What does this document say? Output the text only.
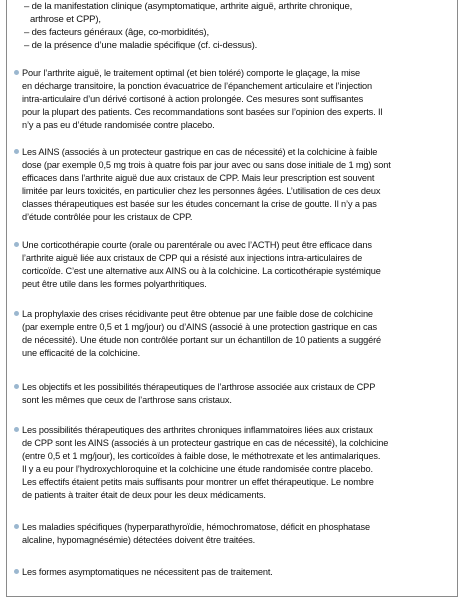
– de la manifestation clinique (asymptomatique, arthrite aiguë, arthrite chronique,
arthrose et CPP),
– des facteurs généraux (âge, co-morbidités),
– de la présence d’une maladie spécifique (cf. ci-dessus).
Pour l’arthrite aiguë, le traitement optimal (et bien toléré) comporte le glaçage, la mise
en décharge transitoire, la ponction évacuatrice de l’épanchement articulaire et l’injection
intra-articulaire d’un dérivé cortisoné à action prolongée. Ces mesures sont suffisantes
pour la plupart des patients. Ces recommandations sont basées sur l’opinion des experts. Il
n’y a pas eu d’étude randomisée contre placebo.
Les AINS (associés à un protecteur gastrique en cas de nécessité) et la colchicine à faible
dose (par exemple 0,5 mg trois à quatre fois par jour avec ou sans dose initiale de 1 mg) sont
efficaces dans l’arthrite aiguë due aux cristaux de CPP. Mais leur prescription est souvent
limitée par leurs toxicités, en particulier chez les personnes âgées. L’utilisation de ces deux
classes thérapeutiques est basée sur les études concernant la crise de goutte. Il n’y a pas
d’étude contrôlée pour les cristaux de CPP.
Une corticothérapie courte (orale ou parentérale ou avec l’ACTH) peut être efficace dans
l’arthrite aiguë liée aux cristaux de CPP qui a résisté aux injections intra-articulaires de
corticoïde. C’est une alternative aux AINS ou à la colchicine. La corticothérapie systémique
peut être utile dans les formes polyarthritiques.
La prophylaxie des crises récidivante peut être obtenue par une faible dose de colchicine
(par exemple entre 0,5 et 1 mg/jour) ou d’AINS (associé à une protection gastrique en cas
de nécessité). Une étude non contrôlée portant sur un échantillon de 10 patients a suggéré
une efficacité de la colchicine.
Les objectifs et les possibilités thérapeutiques de l’arthrose associée aux cristaux de CPP
sont les mêmes que ceux de l’arthrose sans cristaux.
Les possibilités thérapeutiques des arthrites chroniques inflammatoires liées aux cristaux
de CPP sont les AINS (associés à un protecteur gastrique en cas de nécessité), la colchicine
(entre 0,5 et 1 mg/jour), les corticoïdes à faible dose, le méthotrexate et les antimalariques.
Il y a eu pour l’hydroxychloroquine et la colchicine une étude randomisée contre placebo.
Les effectifs étaient petits mais suffisants pour montrer un effet thérapeutique. Le nombre
de patients à traiter était de deux pour les deux médicaments.
Les maladies spécifiques (hyperparathyroïdie, hémochromatose, déficit en phosphatase
alcaline, hypomagnésémie) détectées doivent être traitées.
Les formes asymptomatiques ne nécessitent pas de traitement.
